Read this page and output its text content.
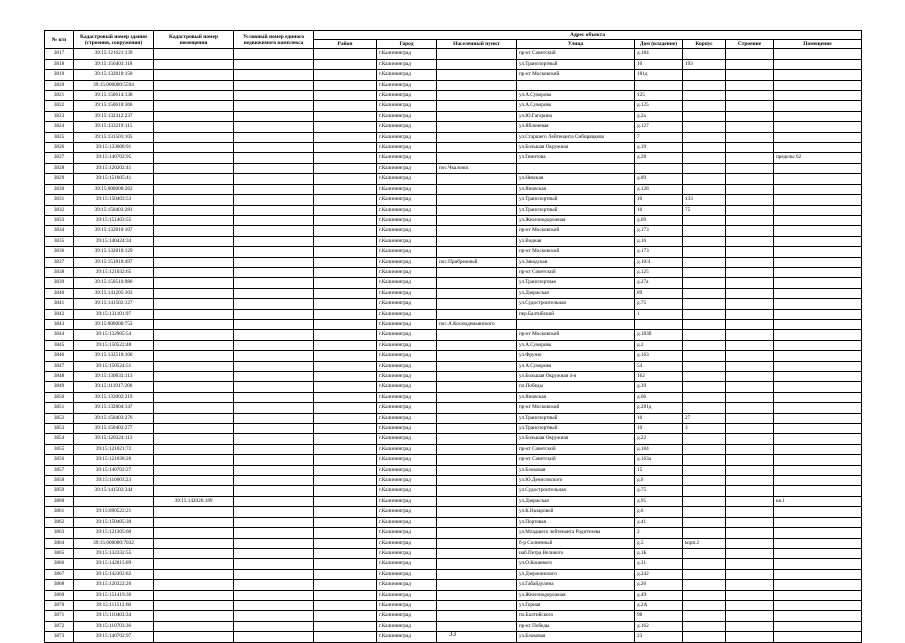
№ п/п	Кадастровый номер здания (строения, сооружения)	Кадастровый номер помещения	Условный номер единого недвижимого комплекса	Адрес объекта							
				Район	Город	Населенный пункт	Улица	Дом (владение)	Корпус	Строение	Помещение
3817	39:15:121621:139				г.Калининград		пр-кт Советский	д.184			
3818	39:15:150403:118				г.Калининград		ул.Транспортный	10	193		
3819	39:15:132810:158				г.Калининград		пр-кт Московский	181д			
3820	39:15:000000:5594				г.Калининград						
3821	39:15:150614:138				г.Калининград		ул.А.Суворова	125			
3822	39:15:150610:366				г.Калининград		ул.А.Суворова	д.125			
3823	39:15:132312:237				г.Калининград		ул.Ю.Гагарина	д.2а			
3824	39:15:133219:115				г.Калининград		ул.Яблоневая	д.127			
3825	39:15:131503:105				г.Калининград		ул.Старшего Лейтенанта Сибиряцкова	7			
3826	39:15:133008:91				г.Калининград		ул.Большая Окружная	д.19			
3827	39:15:140702:95				г.Калининград		ул.Гвинтова	д.28			пределы 02
3828	39:15:120202:41				г.Калининград	пос.Чкаловск					
3829	39:15:151605:41				г.Калининград		ул.Невская	д.89			
3830	39:15:000000:262				г.Калининград		ул.Яновская	д.128			
3831	39:15:150403:53				г.Калининград		ул.Транспортный	10	133		
3832	39:15:150403:281				г.Калининград		ул.Транспортный	10	75		
3833	39:15:151403:55				г.Калининград		ул.Железнодорожная	д.69			
3834	39:15:132810:107				г.Калининград		пр-кт Московский	д.173			
3835	39:15:140424:34				г.Калининград		ул.Водная	д.16			
3836	39:15:132810:129				г.Калининград		пр-кт Московский	д.173			
3837	39:15:151810:497				г.Калининград	пос.Прибрежный	ул.Заводская	д.10/4			
3838	39:15:121032:65				г.Калининград		пр-кт Советский	д.125			
3839	39:15:150516:980				г.Калининград		ул.Транспортная	д.27а			
3840	39:15:141205:103				г.Калининград		ул.Дзержская	89			
3841	39:15:141502:127				г.Калининград		ул.Судостроительная	д.75			
3842	39:15:131101:97				г.Калининград		пер.Балтийский	1			
3843	39:15:000000:753				г.Калининград	пос.А.Космодемьянского					
3844	39:15:132905:54				г.Калининград		пр-кт Московский	д.183б			
3845	39:15:150522:48				г.Калининград		ул.А.Суворова	д.2			
3846	39:15:132510:100				г.Калининград		ул.Фрунзе	д.163			
3847	39:15:150524:51				г.Калининград		ул.А.Суворова	54			
3848	39:15:130033:113				г.Калининград		ул.Большая Окружная 4-я	162			
3849	39:15:111917:200				г.Калининград		пл.Победы	д.39			
3850	39:15:133002:219				г.Калининград		ул.Яновская	д.66			
3851	39:15:132804:147				г.Калининград		пр-кт Московский	д.281д			
3852	39:15:150403:276				г.Калининград		ул.Транспортный	10	27		
3853	39:15:150403:277				г.Калининград		ул.Транспортный	10	3		
3854	39:15:120324:113				г.Калининград		ул.Большая Окружная	д.22			
3855	39:15:121021:72				г.Калининград		пр-кт Советский	д.184			
3856	39:15:121038:26				г.Калининград		пр-кт Советский	д.163а			
3857	39:15:140702:27				г.Калининград		ул.Блоковая	15			
3858	39:15:110603:23				г.Калининград		ул.Ю.Денисовского	д.6			
3859	39:15:141502:344				г.Калининград		ул.Судостроительная	д.75			
3860		39:15:142026:189			г.Калининград		ул.Дзержская	д.95			кв.1
3861	39:15:090522:21				г.Калининград		ул.К.Назаровой	д.6			
3862	39:15:150405:30				г.Калининград		ул.Портовая	д.41			
3863	39:15:121305:60				г.Калининград		ул.Младшего лейтенанта Родителева	2			
3864	39:15:000000:7032				г.Калининград		б-р Солнечный	д.5	корп.2		
3865	39:15:132332:55				г.Калининград		наб.Петра Великого	д.1Б			
3866	39:15:142015:89				г.Калининград		ул.О.Кошевого	д.31			
3867	39:15:142302:82				г.Калининград		ул.Дзержинского	д.242			
3868	39:15:120322:26				г.Калининград		ул.Габайдулина	д.26			
3869	39:15:151419:36				г.Калининград		ул.Железнодорожная	д.49			
3870	39:15:111512:68				г.Калининград		ул.Горная	д.2А			
3871	39:15:110403:34				г.Калининград		пл.Балтийского	98			
3872	39:15:110703:36				г.Калининград		пр-кт Победы	д.162			
3873	39:15:140702:97				г.Калининград		ул.Блоковая	23			
33
